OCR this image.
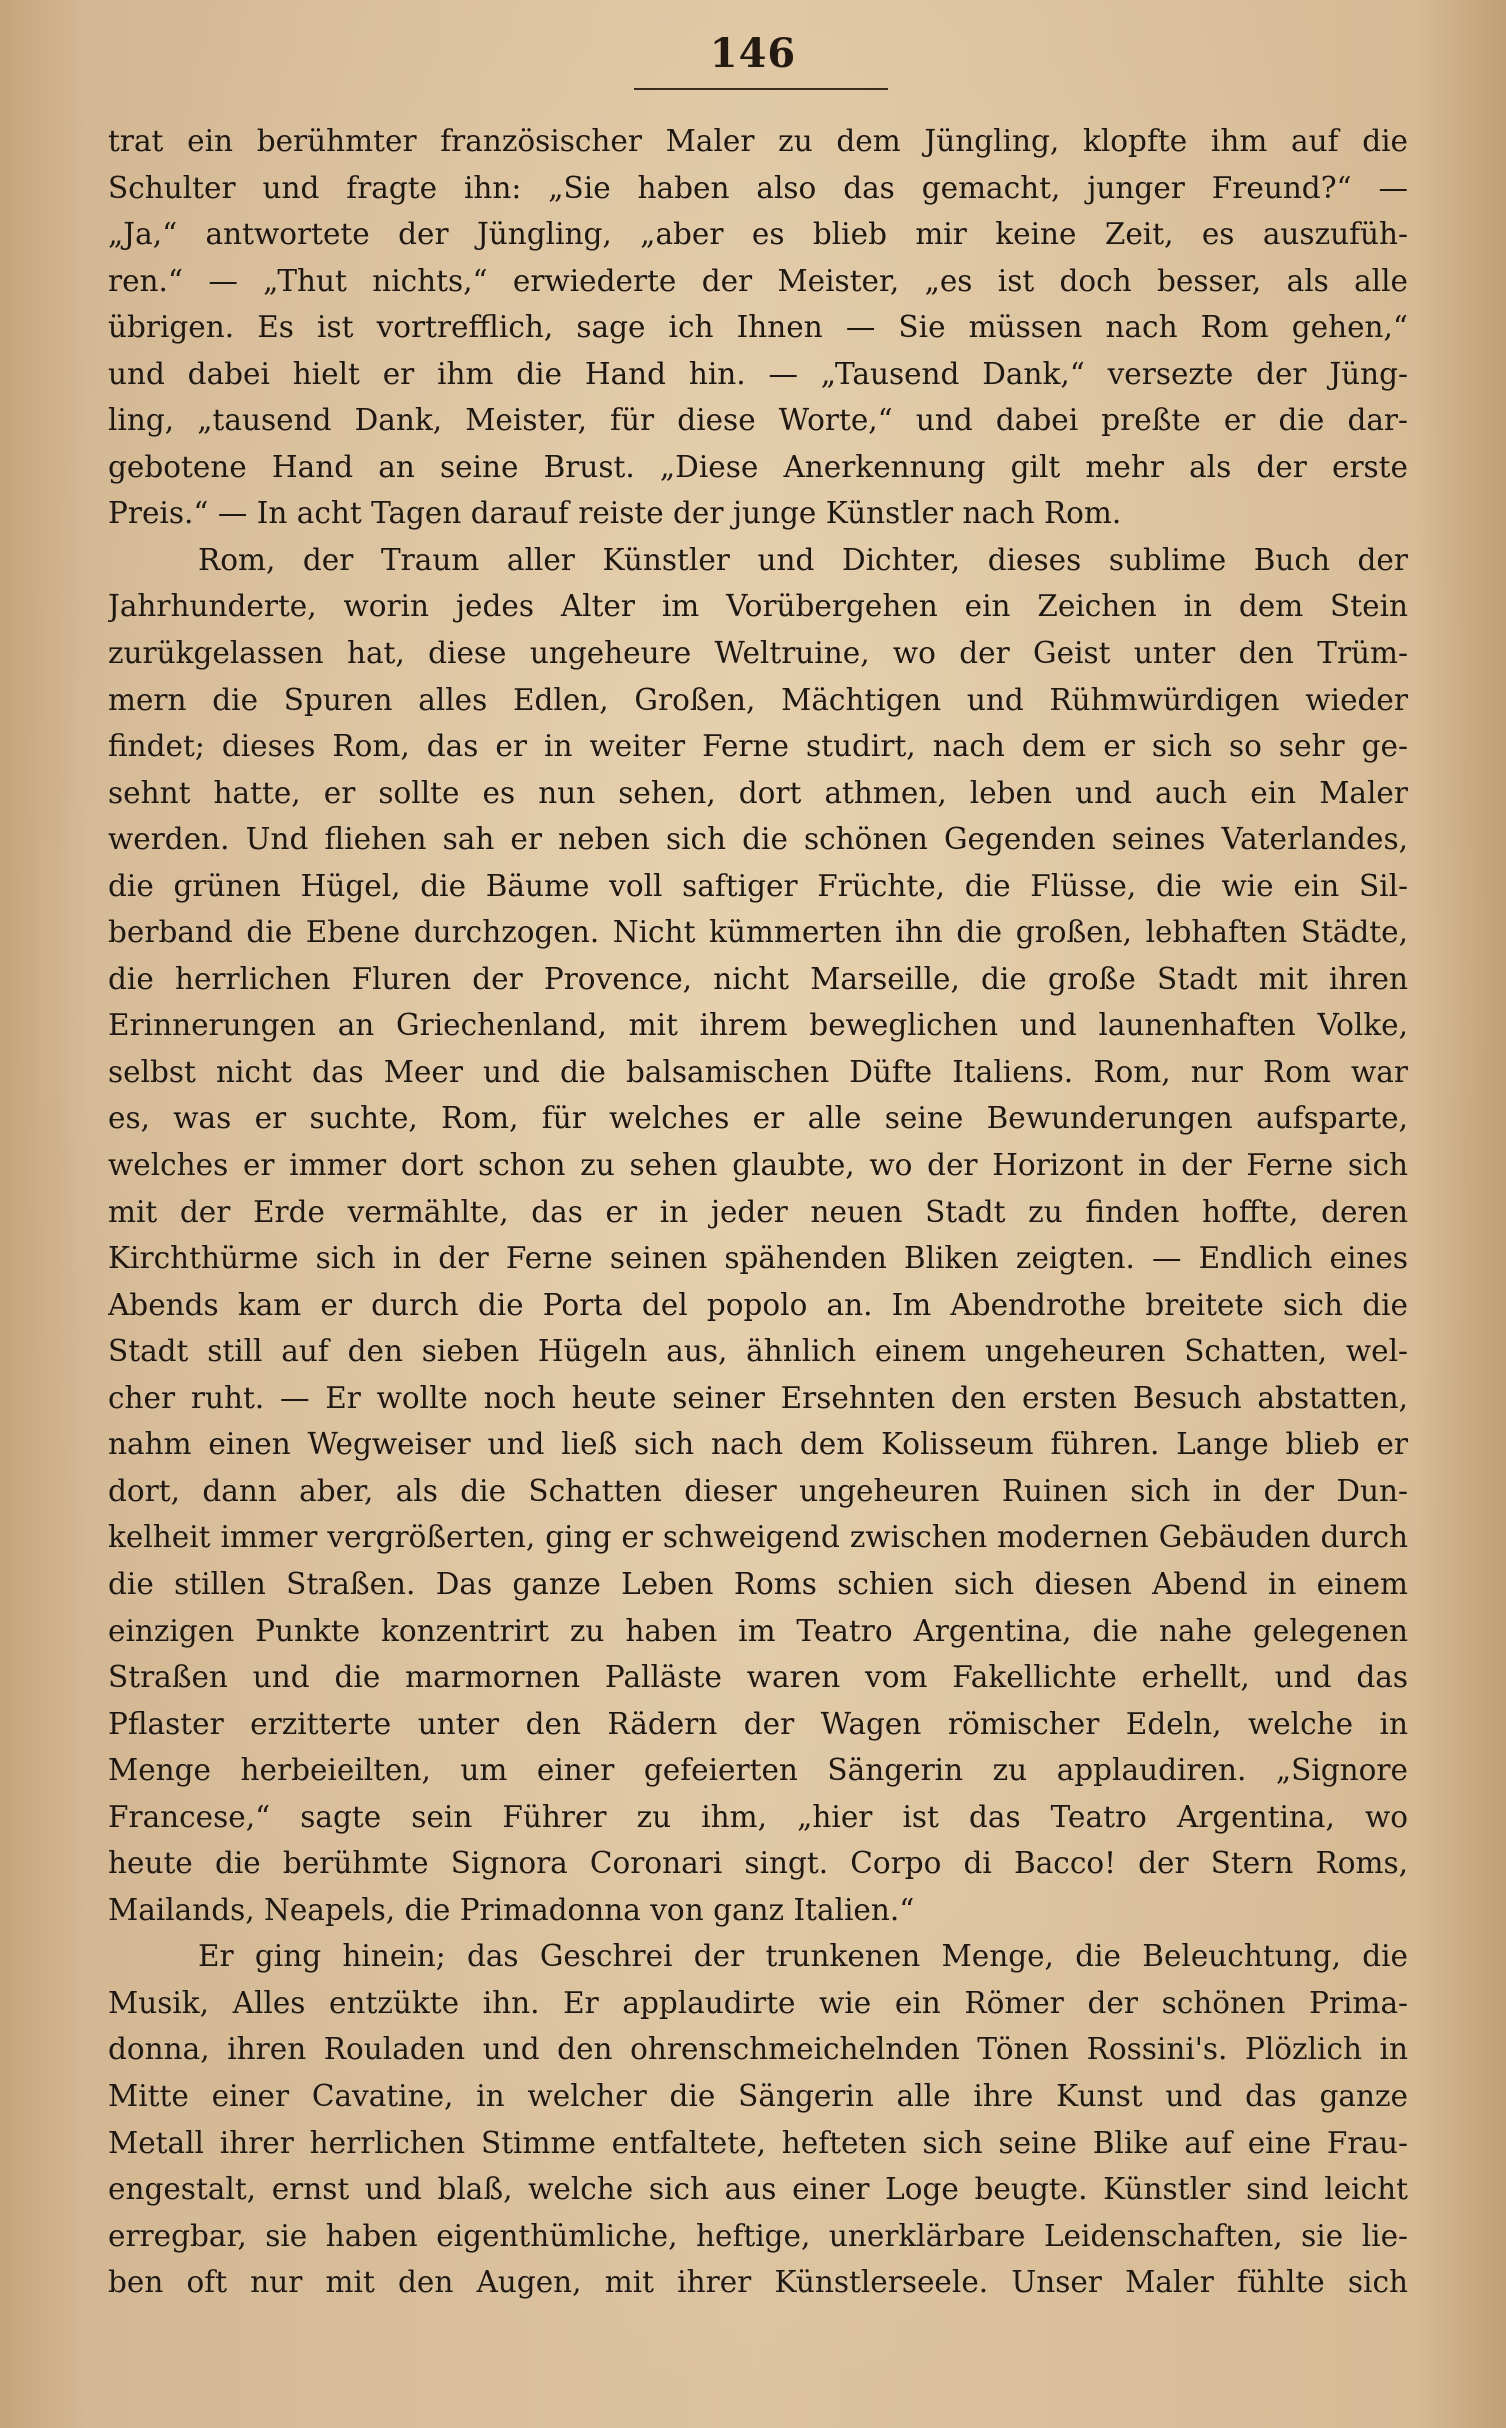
146
trat ein berühmter französischer Maler zu dem Jüngling, klopfte ihm auf die
Schulter und fragte ihn: „Sie haben also das gemacht, junger Freund?“ —
„Ja,“ antwortete der Jüngling, „aber es blieb mir keine Zeit, es auszufüh-
ren.“ — „Thut nichts,“ erwiederte der Meister, „es ist doch besser, als alle
übrigen. Es ist vortrefflich, sage ich Ihnen — Sie müssen nach Rom gehen,“
und dabei hielt er ihm die Hand hin. — „Tausend Dank,“ versezte der Jüng-
ling, „tausend Dank, Meister, für diese Worte,“ und dabei preßte er die dar-
gebotene Hand an seine Brust. „Diese Anerkennung gilt mehr als der erste
Preis.“ — In acht Tagen darauf reiste der junge Künstler nach Rom.
Rom, der Traum aller Künstler und Dichter, dieses sublime Buch der
Jahrhunderte, worin jedes Alter im Vorübergehen ein Zeichen in dem Stein
zurükgelassen hat, diese ungeheure Weltruine, wo der Geist unter den Trüm-
mern die Spuren alles Edlen, Großen, Mächtigen und Rühmwürdigen wieder
findet; dieses Rom, das er in weiter Ferne studirt, nach dem er sich so sehr ge-
sehnt hatte, er sollte es nun sehen, dort athmen, leben und auch ein Maler
werden. Und fliehen sah er neben sich die schönen Gegenden seines Vaterlandes,
die grünen Hügel, die Bäume voll saftiger Früchte, die Flüsse, die wie ein Sil-
berband die Ebene durchzogen. Nicht kümmerten ihn die großen, lebhaften Städte,
die herrlichen Fluren der Provence, nicht Marseille, die große Stadt mit ihren
Erinnerungen an Griechenland, mit ihrem beweglichen und launenhaften Volke,
selbst nicht das Meer und die balsamischen Düfte Italiens. Rom, nur Rom war
es, was er suchte, Rom, für welches er alle seine Bewunderungen aufsparte,
welches er immer dort schon zu sehen glaubte, wo der Horizont in der Ferne sich
mit der Erde vermählte, das er in jeder neuen Stadt zu finden hoffte, deren
Kirchthürme sich in der Ferne seinen spähenden Bliken zeigten. — Endlich eines
Abends kam er durch die Porta del popolo an. Im Abendrothe breitete sich die
Stadt still auf den sieben Hügeln aus, ähnlich einem ungeheuren Schatten, wel-
cher ruht. — Er wollte noch heute seiner Ersehnten den ersten Besuch abstatten,
nahm einen Wegweiser und ließ sich nach dem Kolisseum führen. Lange blieb er
dort, dann aber, als die Schatten dieser ungeheuren Ruinen sich in der Dun-
kelheit immer vergrößerten, ging er schweigend zwischen modernen Gebäuden durch
die stillen Straßen. Das ganze Leben Roms schien sich diesen Abend in einem
einzigen Punkte konzentrirt zu haben im Teatro Argentina, die nahe gelegenen
Straßen und die marmornen Palläste waren vom Fakellichte erhellt, und das
Pflaster erzitterte unter den Rädern der Wagen römischer Edeln, welche in
Menge herbeieilten, um einer gefeierten Sängerin zu applaudiren. „Signore
Francese,“ sagte sein Führer zu ihm, „hier ist das Teatro Argentina, wo
heute die berühmte Signora Coronari singt. Corpo di Bacco! der Stern Roms,
Mailands, Neapels, die Primadonna von ganz Italien.“
Er ging hinein; das Geschrei der trunkenen Menge, die Beleuchtung, die
Musik, Alles entzükte ihn. Er applaudirte wie ein Römer der schönen Prima-
donna, ihren Rouladen und den ohrenschmeichelnden Tönen Rossini's. Plözlich in
Mitte einer Cavatine, in welcher die Sängerin alle ihre Kunst und das ganze
Metall ihrer herrlichen Stimme entfaltete, hefteten sich seine Blike auf eine Frau-
engestalt, ernst und blaß, welche sich aus einer Loge beugte. Künstler sind leicht
erregbar, sie haben eigenthümliche, heftige, unerklärbare Leidenschaften, sie lie-
ben oft nur mit den Augen, mit ihrer Künstlerseele. Unser Maler fühlte sich
